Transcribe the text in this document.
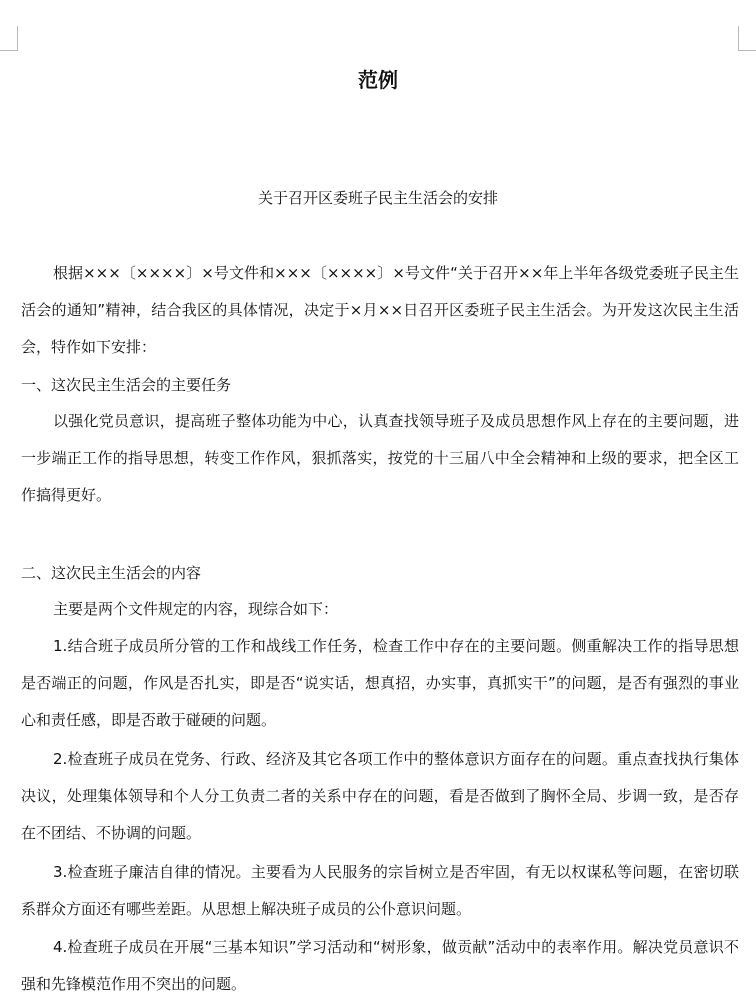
范例
关于召开区委班子民主生活会的安排

根据×××〔××××〕×号文件和×××〔××××〕×号文件“关于召开××年上半年各级党委班子民主生活会的通知”精神，结合我区的具体情况，决定于×月××日召开区委班子民主生活会。为开发这次民主生活会，特作如下安排：

一、这次民主生活会的主要任务

以强化党员意识，提高班子整体功能为中心，认真查找领导班子及成员思想作风上存在的主要问题，进一步端正工作的指导思想，转变工作作风，狠抓落实，按党的十三届八中全会精神和上级的要求，把全区工作搞得更好。

二、这次民主生活会的内容

主要是两个文件规定的内容，现综合如下：

1.结合班子成员所分管的工作和战线工作任务，检查工作中存在的主要问题。侧重解决工作的指导思想是否端正的问题，作风是否扎实，即是否“说实话，想真招，办实事，真抓实干”的问题，是否有强烈的事业心和责任感，即是否敢于碰硬的问题。

2.检查班子成员在党务、行政、经济及其它各项工作中的整体意识方面存在的问题。重点查找执行集体决议，处理集体领导和个人分工负责二者的关系中存在的问题，看是否做到了胸怀全局、步调一致，是否存在不团结、不协调的问题。

3.检查班子廉洁自律的情况。主要看为人民服务的宗旨树立是否牢固，有无以权谋私等问题，在密切联系群众方面还有哪些差距。从思想上解决班子成员的公仆意识问题。

4.检查班子成员在开展“三基本知识”学习活动和“树形象，做贡献”活动中的表率作用。解决党员意识不强和先锋模范作用不突出的问题。
